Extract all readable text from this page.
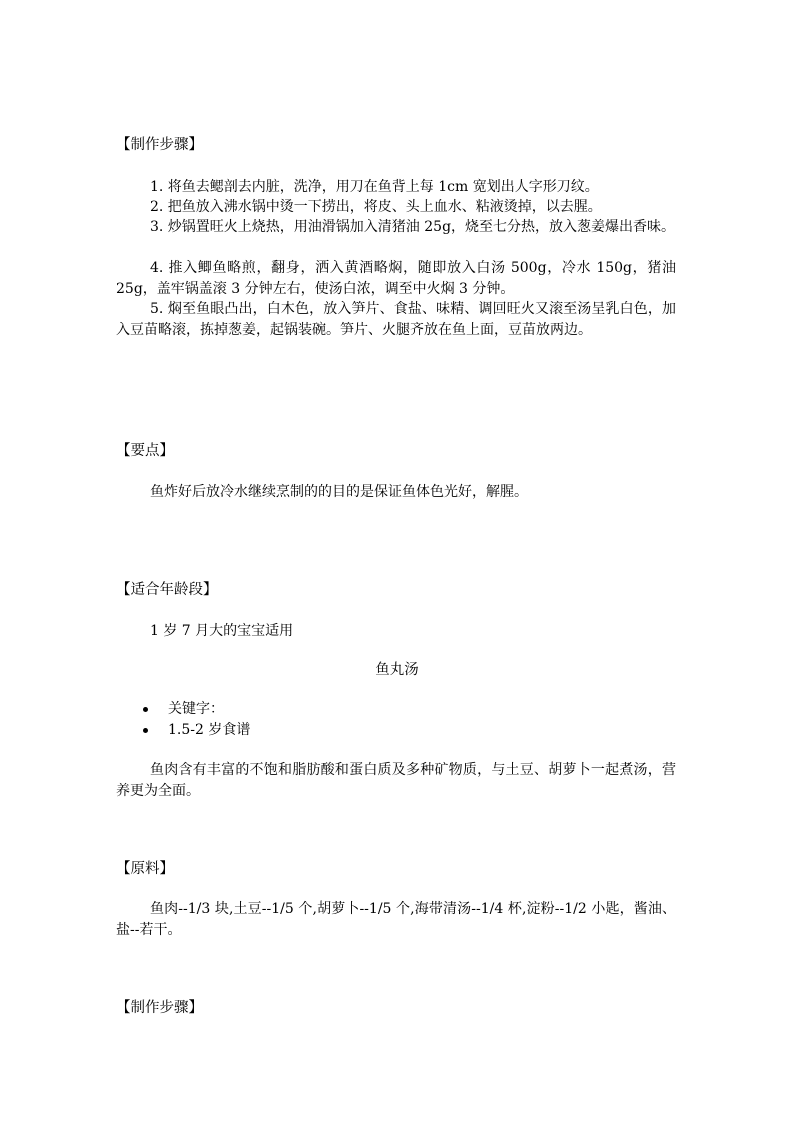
【制作步骤】

1. 将鱼去鳃剖去内脏，洗净，用刀在鱼背上每 1cm 宽划出人字形刀纹。

2. 把鱼放入沸水锅中烫一下捞出，将皮、头上血水、粘液烫掉，以去腥。

3. 炒锅置旺火上烧热，用油滑锅加入清猪油 25g，烧至七分热，放入葱姜爆出香味。

4. 推入鲫鱼略煎，翻身，洒入黄酒略焖，随即放入白汤 500g，冷水 150g，猪油 25g，盖牢锅盖滚 3 分钟左右，使汤白浓，调至中火焖 3 分钟。

5. 焖至鱼眼凸出，白木色，放入笋片、食盐、味精、调回旺火又滚至汤呈乳白色，加入豆苗略滚，拣掉葱姜，起锅装碗。笋片、火腿齐放在鱼上面，豆苗放两边。

【要点】

鱼炸好后放冷水继续烹制的的目的是保证鱼体色光好，解腥。

【适合年龄段】

1 岁 7 月大的宝宝适用

鱼丸汤

关键字：
1.5-2 岁食谱

鱼肉含有丰富的不饱和脂肪酸和蛋白质及多种矿物质，与土豆、胡萝卜一起煮汤，营养更为全面。

【原料】

鱼肉--1/3 块,土豆--1/5 个,胡萝卜--1/5 个,海带清汤--1/4 杯,淀粉--1/2 小匙，酱油、盐--若干。

【制作步骤】
